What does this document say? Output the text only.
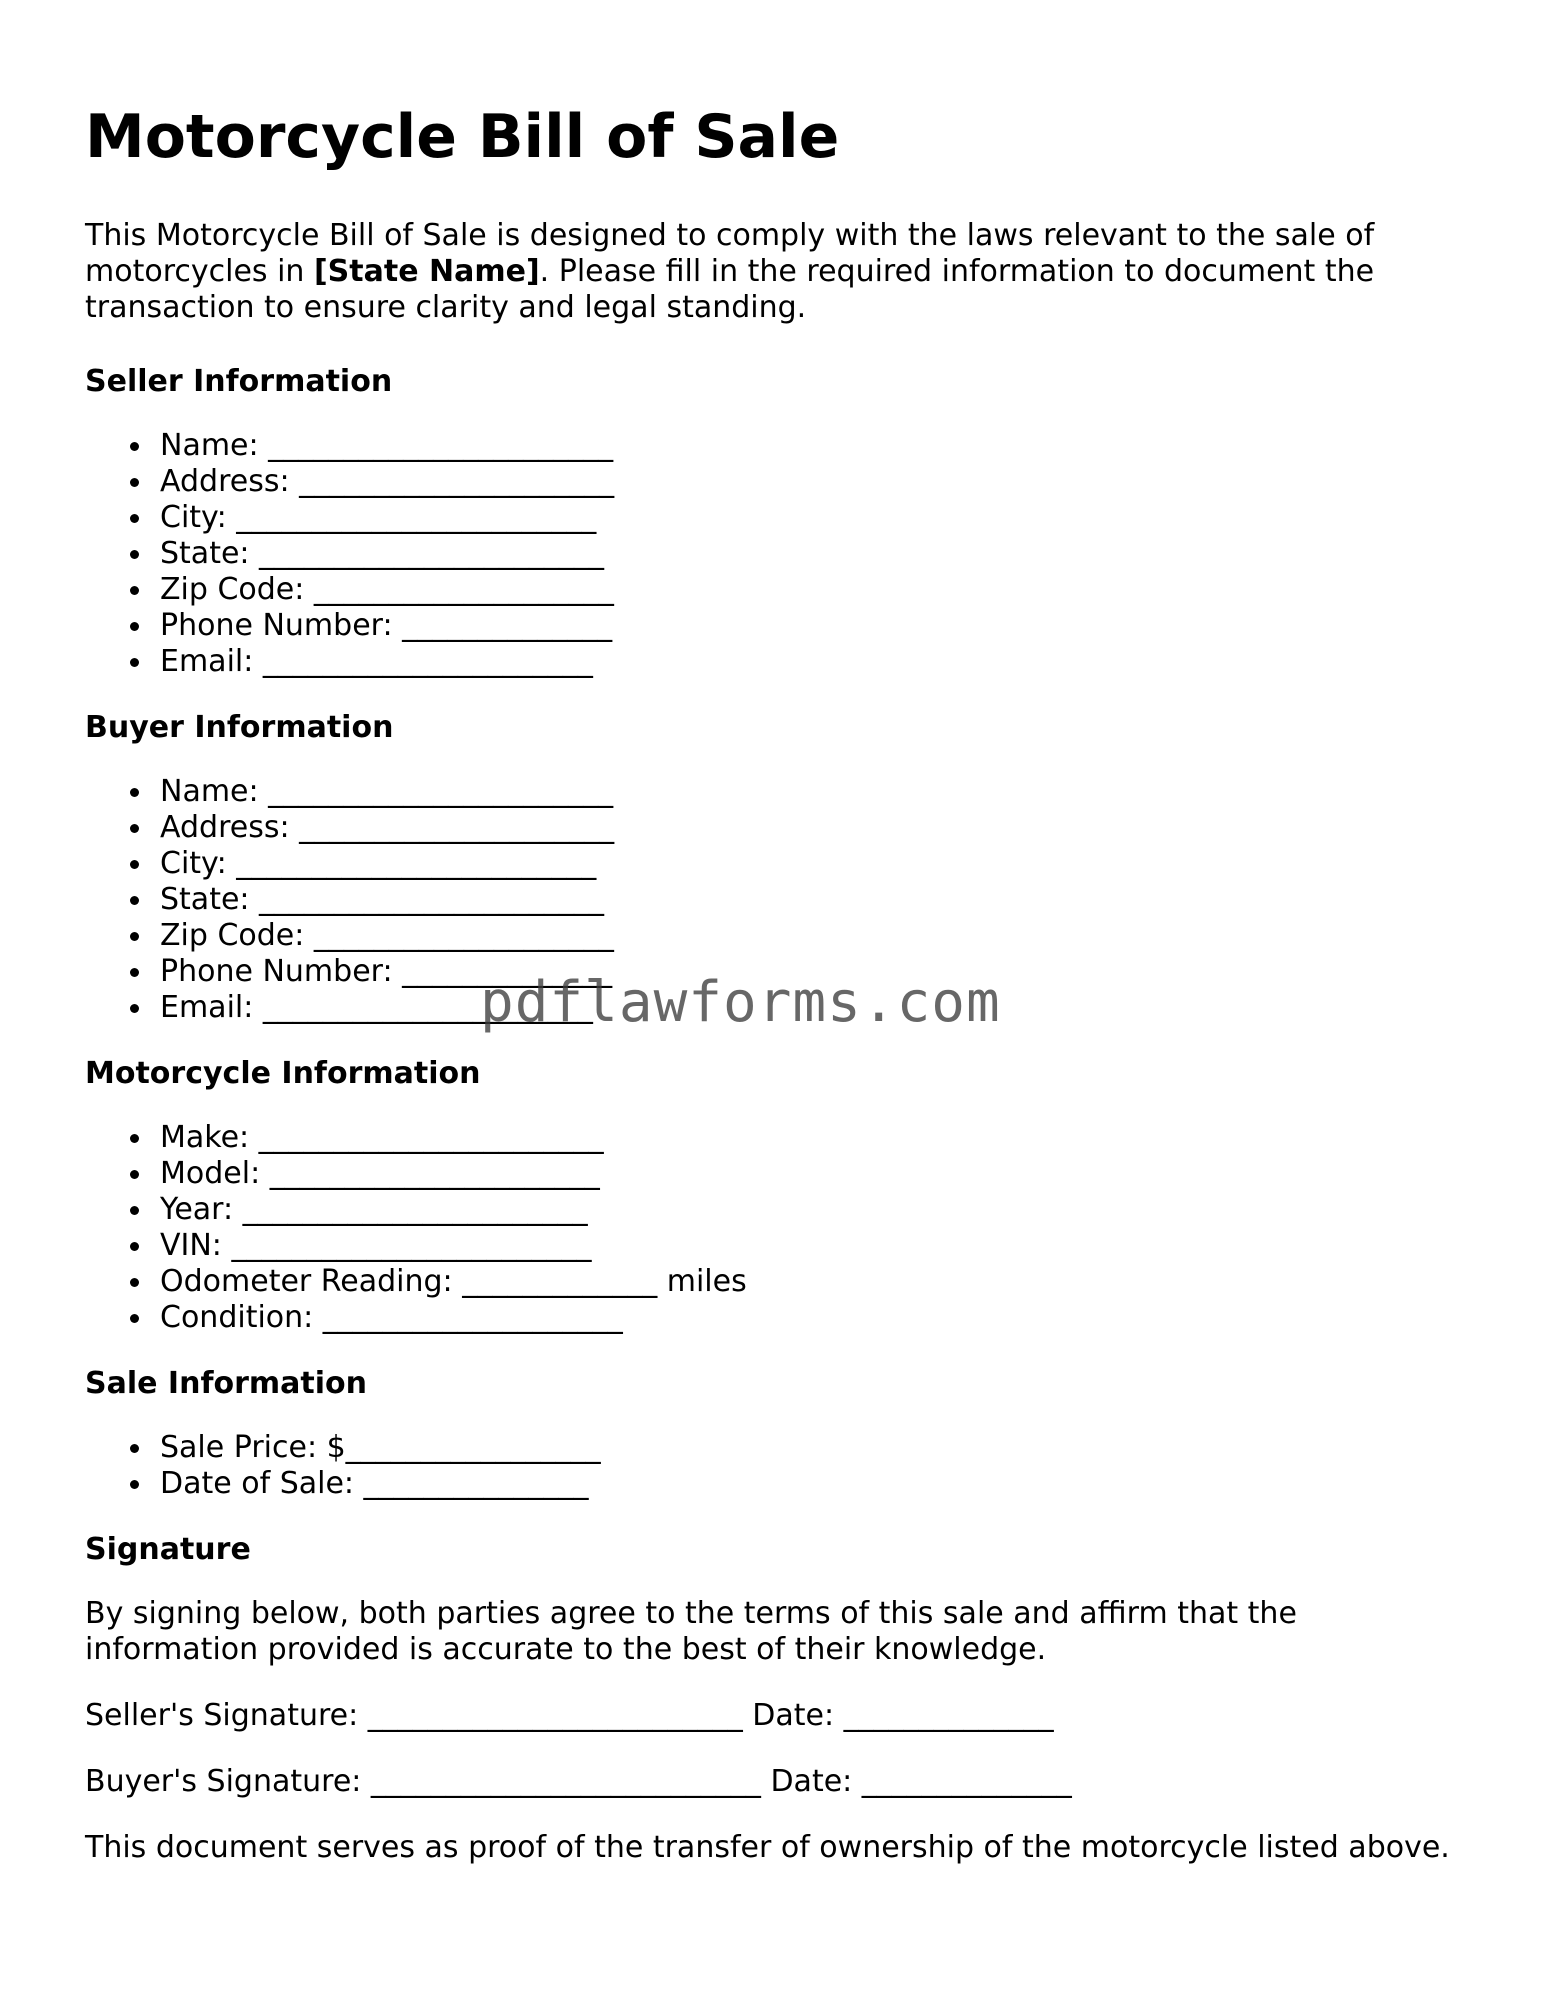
Motorcycle Bill of Sale

This Motorcycle Bill of Sale is designed to comply with the laws relevant to the sale of motorcycles in [State Name]. Please fill in the required information to document the transaction to ensure clarity and legal standing.

Seller Information
Name: _______________________
Address: _____________________
City: ________________________
State: _______________________
Zip Code: ____________________
Phone Number: ______________
Email: ______________________
Buyer Information
Name: _______________________
Address: _____________________
City: ________________________
State: _______________________
Zip Code: ____________________
Phone Number: ______________
Email: ______________________
Motorcycle Information
Make: _______________________
Model: ______________________
Year: _______________________
VIN: ________________________
Odometer Reading: _____________ miles
Condition: ____________________
Sale Information
Sale Price: $_________________
Date of Sale: _______________
Signature

By signing below, both parties agree to the terms of this sale and affirm that the information provided is accurate to the best of their knowledge.

Seller's Signature: _________________________ Date: ______________

Buyer's Signature: __________________________ Date: ______________

This document serves as proof of the transfer of ownership of the motorcycle listed above.

pdflawforms.com
